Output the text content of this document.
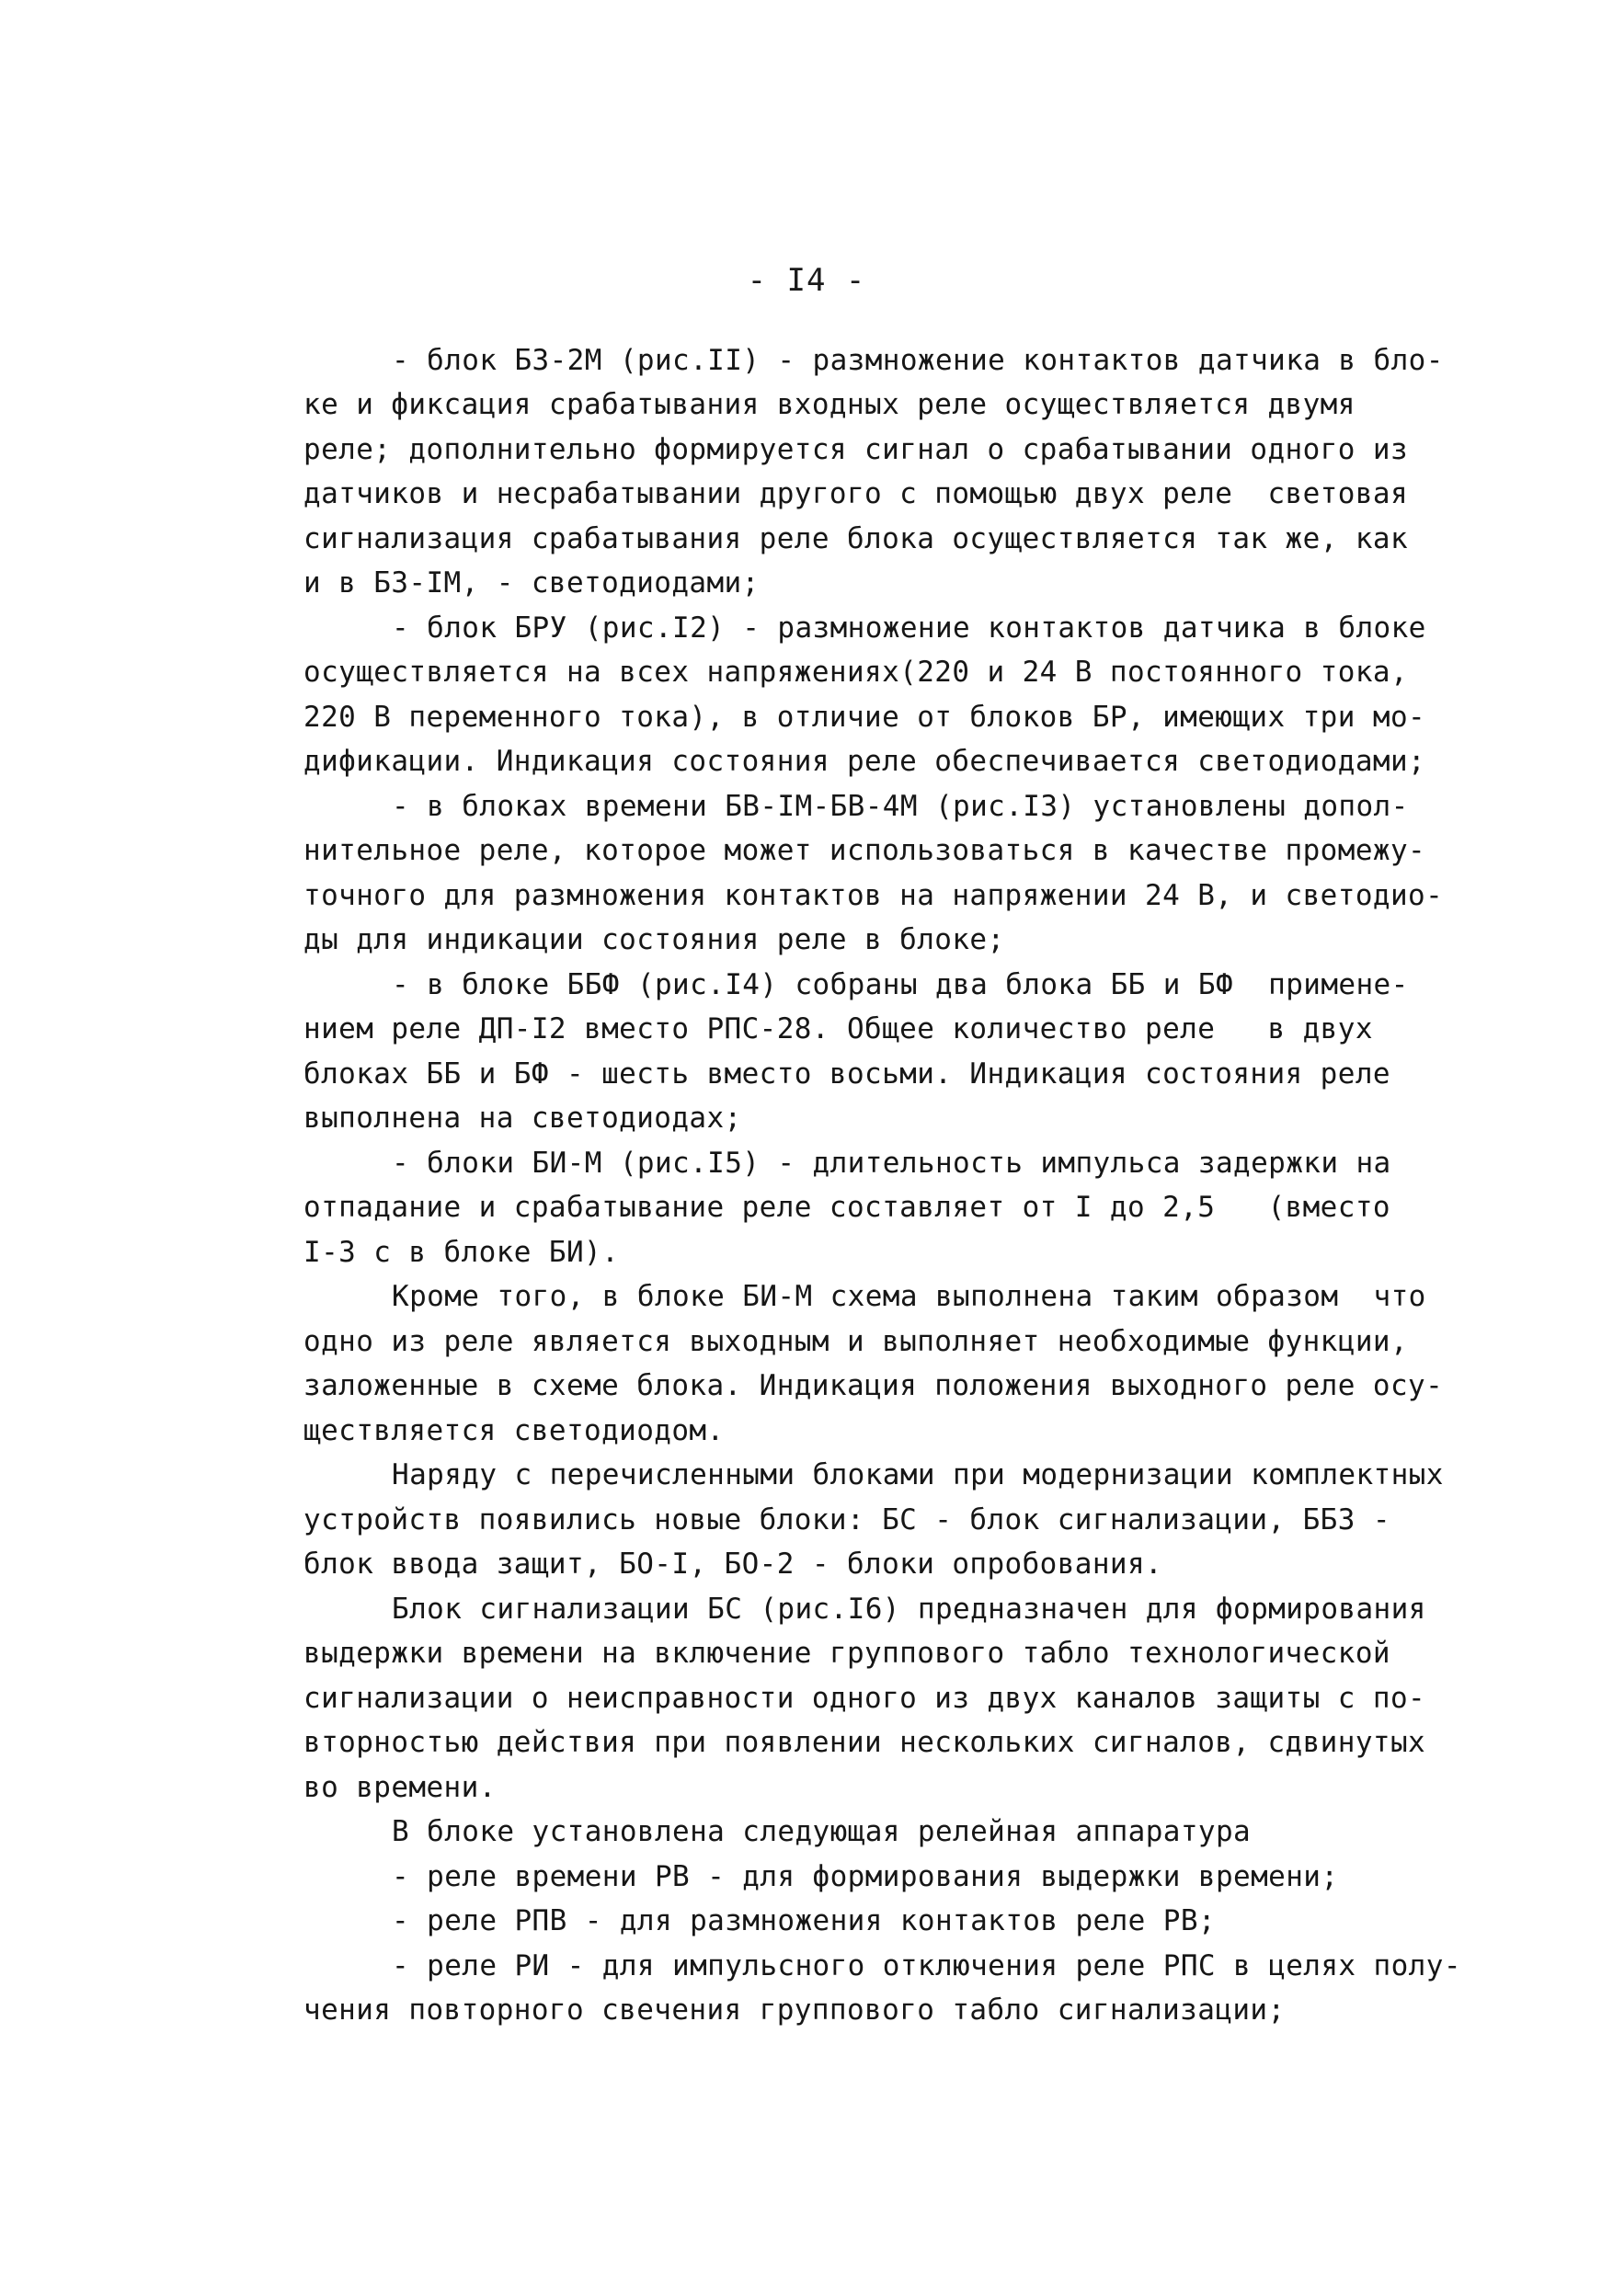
- I4 -
- блок БЗ-2М (рис.II) - размножение контактов датчика в бло-
ке и фиксация срабатывания входных реле осуществляется двумя
реле; дополнительно формируется сигнал о срабатывании одного из
датчиков и несрабатывании другого с помощью двух реле  световая
сигнализация срабатывания реле блока осуществляется так же, как
и в БЗ-IМ, - светодиодами;
- блок БРУ (рис.I2) - размножение контактов датчика в блоке
осуществляется на всех напряжениях(220 и 24 В постоянного тока,
220 В переменного тока), в отличие от блоков БР, имеющих три мо-
дификации. Индикация состояния реле обеспечивается светодиодами;
- в блоках времени БВ-IМ-БВ-4М (рис.I3) установлены допол-
нительное реле, которое может использоваться в качестве промежу-
точного для размножения контактов на напряжении 24 В, и светодио-
ды для индикации состояния реле в блоке;
- в блоке ББФ (рис.I4) собраны два блока ББ и БФ  примене-
нием реле ДП-I2 вместо РПС-28. Общее количество реле   в двух
блоках ББ и БФ - шесть вместо восьми. Индикация состояния реле
выполнена на светодиодах;
- блоки БИ-М (рис.I5) - длительность импульса задержки на
отпадание и срабатывание реле составляет от I до 2,5   (вместо
I-3 с в блоке БИ).
Кроме того, в блоке БИ-М схема выполнена таким образом  что
одно из реле является выходным и выполняет необходимые функции,
заложенные в схеме блока. Индикация положения выходного реле осу-
ществляется светодиодом.
Наряду с перечисленными блоками при модернизации комплектных
устройств появились новые блоки: БС - блок сигнализации, ББЗ -
блок ввода защит, БО-I, БО-2 - блоки опробования.
Блок сигнализации БС (рис.I6) предназначен для формирования
выдержки времени на включение группового табло технологической
сигнализации о неисправности одного из двух каналов защиты с по-
вторностью действия при появлении нескольких сигналов, сдвинутых
во времени.
В блоке установлена следующая релейная аппаратура
- реле времени РВ - для формирования выдержки времени;
- реле РПВ - для размножения контактов реле РВ;
- реле РИ - для импульсного отключения реле РПС в целях полу-
чения повторного свечения группового табло сигнализации;
